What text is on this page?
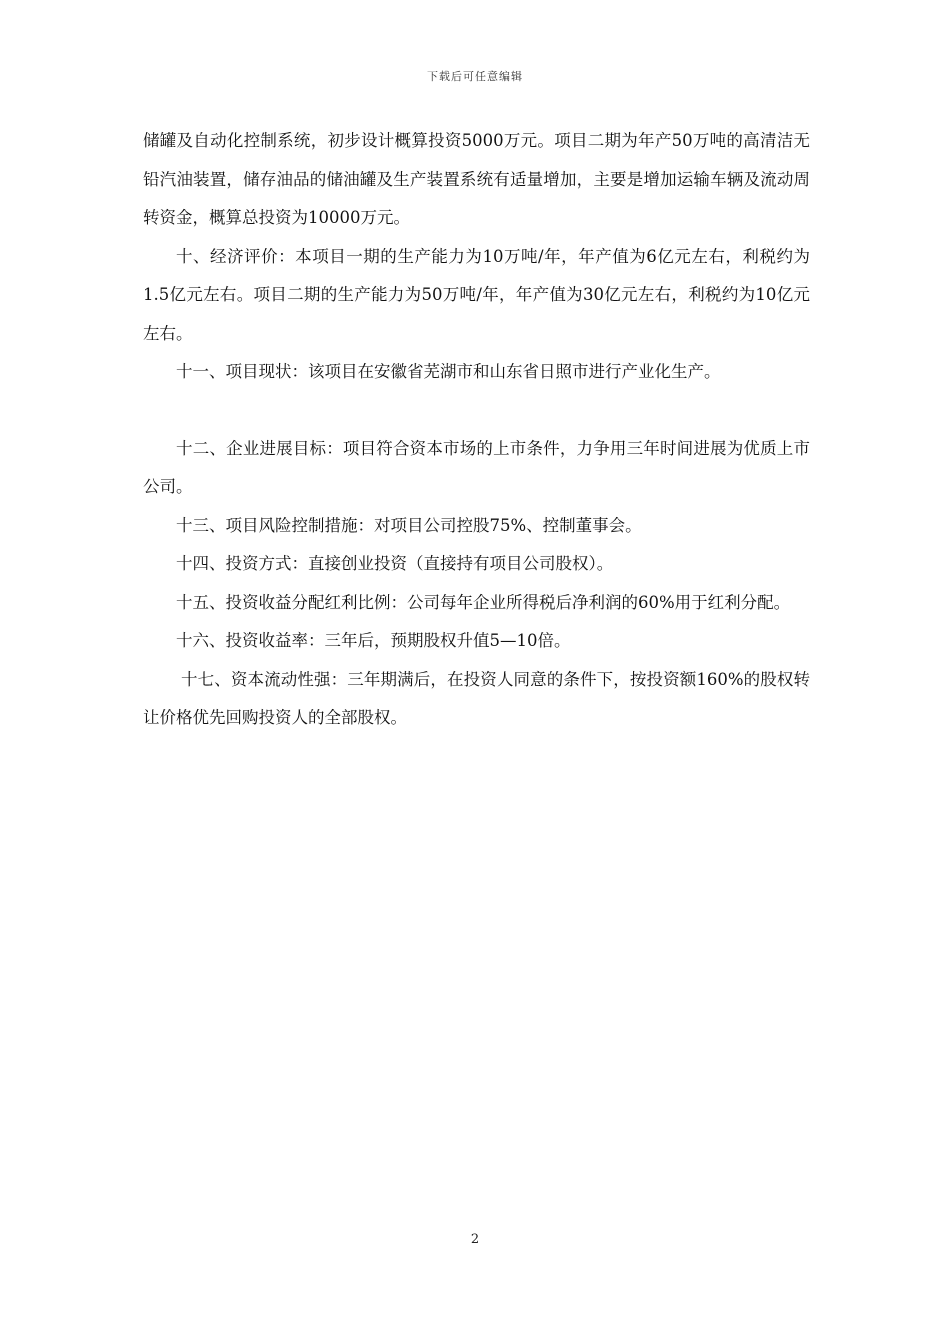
下载后可任意编辑

储罐及自动化控制系统，初步设计概算投资5000万元。项目二期为年产50万吨的高清洁无铅汽油装置，储存油品的储油罐及生产装置系统有适量增加，主要是增加运输车辆及流动周转资金，概算总投资为10000万元。

十、经济评价：本项目一期的生产能力为10万吨/年，年产值为6亿元左右，利税约为1.5亿元左右。项目二期的生产能力为50万吨/年，年产值为30亿元左右，利税约为10亿元左右。

十一、项目现状：该项目在安徽省芜湖市和山东省日照市进行产业化生产。

十二、企业进展目标：项目符合资本市场的上市条件，力争用三年时间进展为优质上市公司。

十三、项目风险控制措施：对项目公司控股75%、控制董事会。

十四、投资方式：直接创业投资（直接持有项目公司股权）。

十五、投资收益分配红利比例：公司每年企业所得税后净利润的60%用于红利分配。

十六、投资收益率：三年后，预期股权升值5—10倍。

十七、资本流动性强：三年期满后，在投资人同意的条件下，按投资额160%的股权转让价格优先回购投资人的全部股权。

2
